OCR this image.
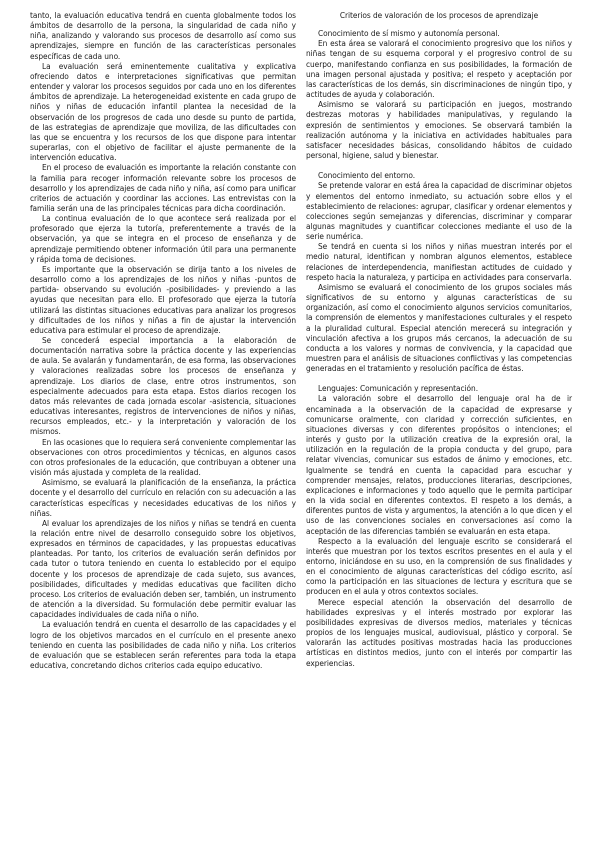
tanto, la evaluación educativa tendrá en cuenta globalmente todos los ámbitos de desarrollo de la persona, la singularidad de cada niño y niña, analizando y valorando sus procesos de desarrollo así como sus aprendizajes, siempre en función de las características personales específicas de cada uno.

La evaluación será eminentemente cualitativa y explicativa ofreciendo datos e interpretaciones significativas que permitan entender y valorar los procesos seguidos por cada uno en los diferentes ámbitos de aprendizaje. La heterogeneidad existente en cada grupo de niños y niñas de educación infantil plantea la necesidad de la observación de los progresos de cada uno desde su punto de partida, de las estrategias de aprendizaje que moviliza, de las dificultades con las que se encuentra y los recursos de los que dispone para intentar superarlas, con el objetivo de facilitar el ajuste permanente de la intervención educativa.

En el proceso de evaluación es importante la relación constante con la familia para recoger información relevante sobre los procesos de desarrollo y los aprendizajes de cada niño y niña, así como para unificar criterios de actuación y coordinar las acciones. Las entrevistas con la familia serán una de las principales técnicas para dicha coordinación.

La continua evaluación de lo que acontece será realizada por el profesorado que ejerza la tutoría, preferentemente a través de la observación, ya que se integra en el proceso de enseñanza y de aprendizaje permitiendo obtener información útil para una permanente y rápida toma de decisiones.

Es importante que la observación se dirija tanto a los niveles de desarrollo como a los aprendizajes de los niños y niñas -puntos de partida- observando su evolución -posibilidades- y previendo a las ayudas que necesitan para ello. El profesorado que ejerza la tutoría utilizará las distintas situaciones educativas para analizar los progresos y dificultades de los niños y niñas a fin de ajustar la intervención educativa para estimular el proceso de aprendizaje.

Se concederá especial importancia a la elaboración de documentación narrativa sobre la práctica docente y las experiencias de aula. Se avalarán y fundamentarán, de esa forma, las observaciones y valoraciones realizadas sobre los procesos de enseñanza y aprendizaje. Los diarios de clase, entre otros instrumentos, son especialmente adecuados para esta etapa. Estos diarios recogen los datos más relevantes de cada jornada escolar -asistencia, situaciones educativas interesantes, registros de intervenciones de niños y niñas, recursos empleados, etc.- y la interpretación y valoración de los mismos.

En las ocasiones que lo requiera será conveniente complementar las observaciones con otros procedimientos y técnicas, en algunos casos con otros profesionales de la educación, que contribuyan a obtener una visión más ajustada y completa de la realidad.

Asimismo, se evaluará la planificación de la enseñanza, la práctica docente y el desarrollo del currículo en relación con su adecuación a las características específicas y necesidades educativas de los niños y niñas.

Al evaluar los aprendizajes de los niños y niñas se tendrá en cuenta la relación entre nivel de desarrollo conseguido sobre los objetivos, expresados en términos de capacidades, y las propuestas educativas planteadas. Por tanto, los criterios de evaluación serán definidos por cada tutor o tutora teniendo en cuenta lo establecido por el equipo docente y los procesos de aprendizaje de cada sujeto, sus avances, posibilidades, dificultades y medidas educativas que faciliten dicho proceso. Los criterios de evaluación deben ser, también, un instrumento de atención a la diversidad. Su formulación debe permitir evaluar las capacidades individuales de cada niña o niño.

La evaluación tendrá en cuenta el desarrollo de las capacidades y el logro de los objetivos marcados en el currículo en el presente anexo teniendo en cuenta las posibilidades de cada niño y niña. Los criterios de evaluación que se establecen serán referentes para toda la etapa educativa, concretando dichos criterios cada equipo educativo.

Criterios de valoración de los procesos de aprendizaje
Conocimiento de sí mismo y autonomía personal.

En esta área se valorará el conocimiento progresivo que los niños y niñas tengan de su esquema corporal y el progresivo control de su cuerpo, manifestando confianza en sus posibilidades, la formación de una imagen personal ajustada y positiva; el respeto y aceptación por las características de los demás, sin discriminaciones de ningún tipo, y actitudes de ayuda y colaboración.

Asimismo se valorará su participación en juegos, mostrando destrezas motoras y habilidades manipulativas, y regulando la expresión de sentimientos y emociones. Se observará también la realización autónoma y la iniciativa en actividades habituales para satisfacer necesidades básicas, consolidando hábitos de cuidado personal, higiene, salud y bienestar.

Conocimiento del entorno.

Se pretende valorar en está área la capacidad de discriminar objetos y elementos del entorno inmediato, su actuación sobre ellos y el establecimiento de relaciones: agrupar, clasificar y ordenar elementos y colecciones según semejanzas y diferencias, discriminar y comparar algunas magnitudes y cuantificar colecciones mediante el uso de la serie numérica.

Se tendrá en cuenta si los niños y niñas muestran interés por el medio natural, identifican y nombran algunos elementos, establece relaciones de interdependencia, manifiestan actitudes de cuidado y respeto hacia la naturaleza, y participa en actividades para conservarla.

Asimismo se evaluará el conocimiento de los grupos sociales más significativos de su entorno y algunas características de su organización, así como el conocimiento algunos servicios comunitarios, la comprensión de elementos y manifestaciones culturales y el respeto a la pluralidad cultural. Especial atención merecerá su integración y vinculación afectiva a los grupos más cercanos, la adecuación de su conducta a los valores y normas de convivencia, y la capacidad que muestren para el análisis de situaciones conflictivas y las competencias generadas en el tratamiento y resolución pacífica de éstas.

Lenguajes: Comunicación y representación.

La valoración sobre el desarrollo del lenguaje oral ha de ir encaminada a la observación de la capacidad de expresarse y comunicarse oralmente, con claridad y corrección suficientes, en situaciones diversas y con diferentes propósitos o intenciones; el interés y gusto por la utilización creativa de la expresión oral, la utilización en la regulación de la propia conducta y del grupo, para relatar vivencias, comunicar sus estados de ánimo y emociones, etc. Igualmente se tendrá en cuenta la capacidad para escuchar y comprender mensajes, relatos, producciones literarias, descripciones, explicaciones e informaciones y todo aquello que le permita participar en la vida social en diferentes contextos. El respeto a los demás, a diferentes puntos de vista y argumentos, la atención a lo que dicen y el uso de las convenciones sociales en conversaciones así como la aceptación de las diferencias también se evaluarán en esta etapa.

Respecto a la evaluación del lenguaje escrito se considerará el interés que muestran por los textos escritos presentes en el aula y el entorno, iniciándose en su uso, en la comprensión de sus finalidades y en el conocimiento de algunas características del código escrito, así como la participación en las situaciones de lectura y escritura que se producen en el aula y otros contextos sociales.

Merece especial atención la observación del desarrollo de habilidades expresivas y el interés mostrado por explorar las posibilidades expresivas de diversos medios, materiales y técnicas propios de los lenguajes musical, audiovisual, plástico y corporal. Se valorarán las actitudes positivas mostradas hacia las producciones artísticas en distintos medios, junto con el interés por compartir las experiencias.
